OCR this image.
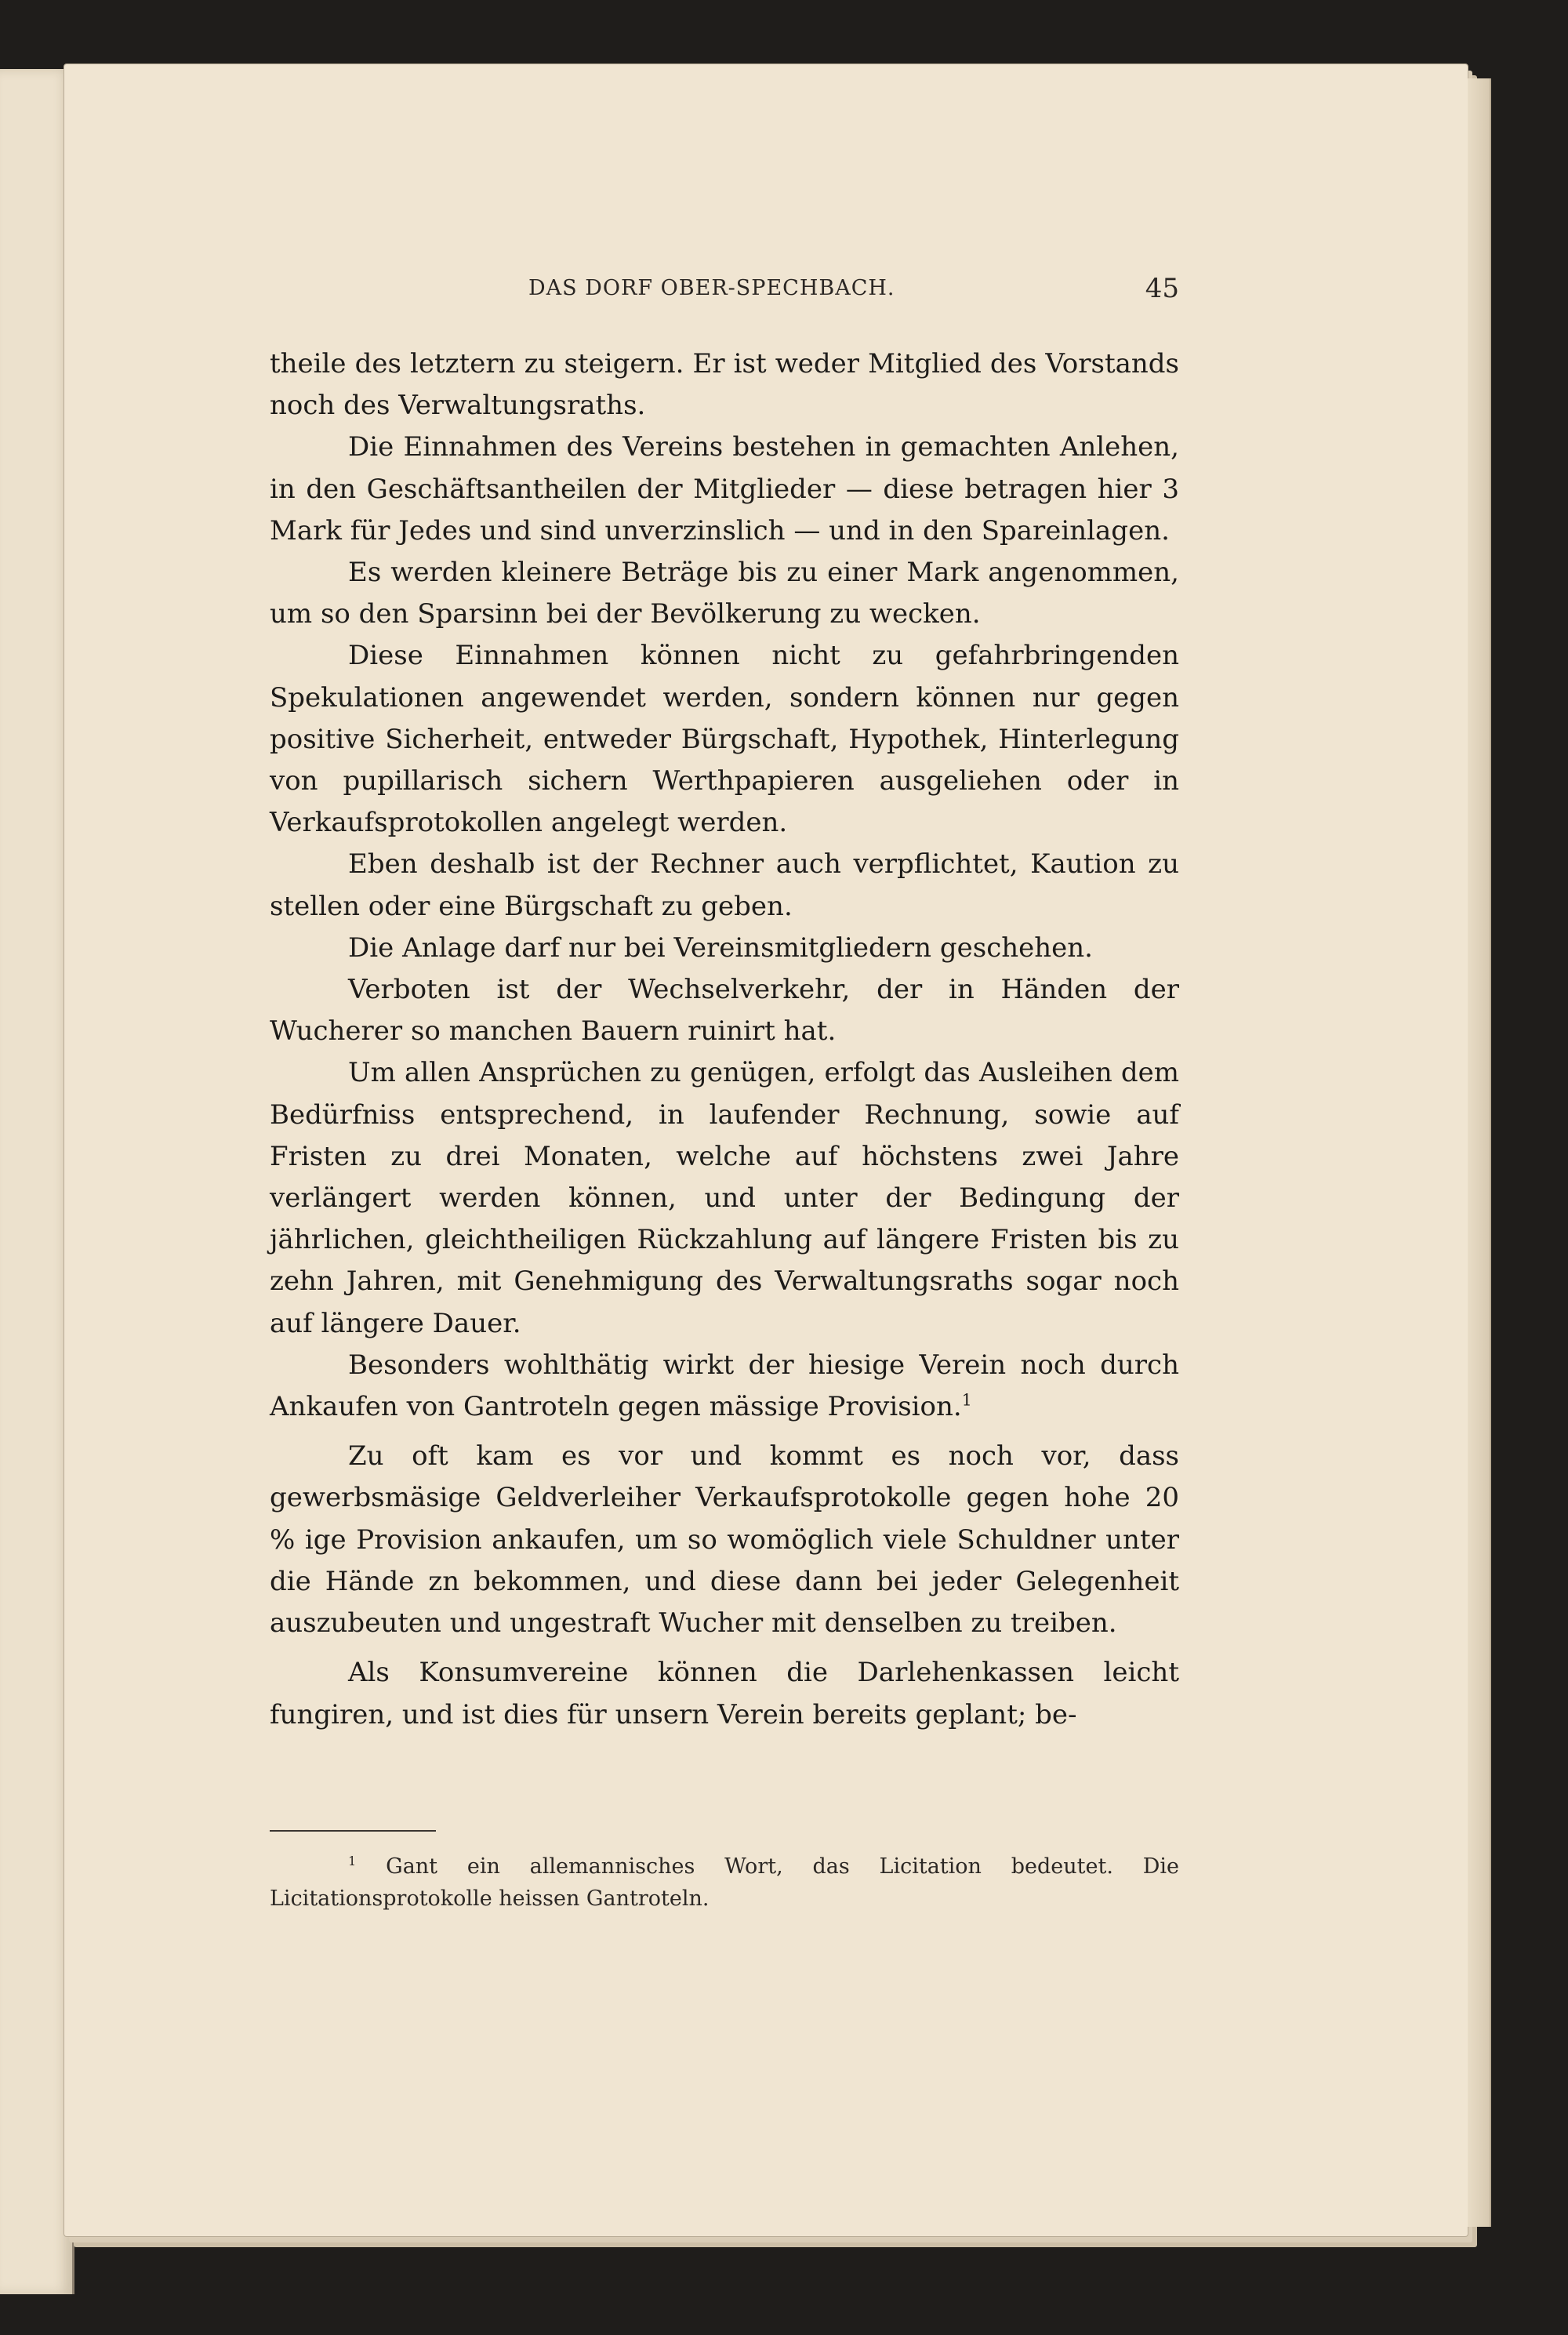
DAS DORF OBER-SPECHBACH.	45

theile des letztern zu steigern. Er ist weder Mitglied des Vorstands noch des Verwaltungsraths.

Die Einnahmen des Vereins bestehen in gemachten Anlehen, in den Geschäftsantheilen der Mitglieder — diese betragen hier 3 Mark für Jedes und sind unverzinslich — und in den Spareinlagen.

Es werden kleinere Beträge bis zu einer Mark angenommen, um so den Sparsinn bei der Bevölkerung zu wecken.

Diese Einnahmen können nicht zu gefahrbringenden Spekulationen angewendet werden, sondern können nur gegen positive Sicherheit, entweder Bürgschaft, Hypothek, Hinterlegung von pupillarisch sichern Werthpapieren ausgeliehen oder in Verkaufsprotokollen angelegt werden.

Eben deshalb ist der Rechner auch verpflichtet, Kaution zu stellen oder eine Bürgschaft zu geben.

Die Anlage darf nur bei Vereinsmitgliedern geschehen.

Verboten ist der Wechselverkehr, der in Händen der Wucherer so manchen Bauern ruinirt hat.

Um allen Ansprüchen zu genügen, erfolgt das Ausleihen dem Bedürfniss entsprechend, in laufender Rechnung, sowie auf Fristen zu drei Monaten, welche auf höchstens zwei Jahre verlängert werden können, und unter der Bedingung der jährlichen, gleichtheiligen Rückzahlung auf längere Fristen bis zu zehn Jahren, mit Genehmigung des Verwaltungsraths sogar noch auf längere Dauer.

Besonders wohlthätig wirkt der hiesige Verein noch durch Ankaufen von Gantroteln gegen mässige Provision.$^1$

Zu oft kam es vor und kommt es noch vor, dass gewerbsmäsige Geldverleiher Verkaufsprotokolle gegen hohe 20 % ige Provision ankaufen, um so womöglich viele Schuldner unter die Hände zn bekommen, und diese dann bei jeder Gelegenheit auszubeuten und ungestraft Wucher mit denselben zu treiben.

Als Konsumvereine können die Darlehenkassen leicht fungiren, und ist dies für unsern Verein bereits geplant; be-

$^1$ Gant ein allemannisches Wort, das Licitation bedeutet. Die Licitationsprotokolle heissen Gantroteln.
